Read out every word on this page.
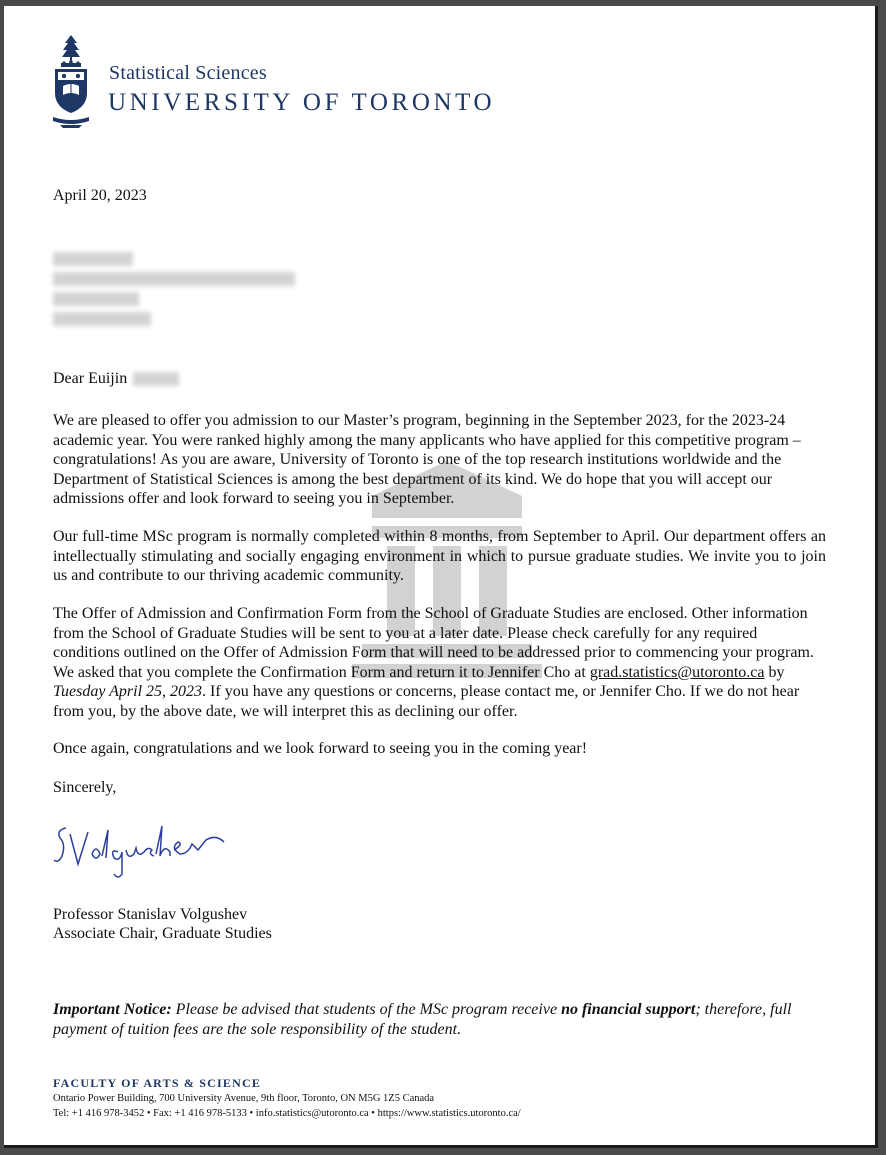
Statistical Sciences
UNIVERSITY OF TORONTO
April 20, 2023
Dear Euijin

We are pleased to offer you admission to our Master’s program, beginning in the September 2023, for the 2023-24 academic year. You were ranked highly among the many applicants who have applied for this competitive program – congratulations! As you are aware, University of Toronto is one of the top research institutions worldwide and the Department of Statistical Sciences is among the best department of its kind. We do hope that you will accept our admissions offer and look forward to seeing you in September.

Our full-time MSc program is normally completed within 8 months, from September to April. Our department offers an intellectually stimulating and socially engaging environment in which to pursue graduate studies. We invite you to join us and contribute to our thriving academic community.

The Offer of Admission and Confirmation Form from the School of Graduate Studies are enclosed. Other information from the School of Graduate Studies will be sent to you at a later date. Please check carefully for any required conditions outlined on the Offer of Admission Form that will need to be addressed prior to commencing your program. We asked that you complete the Confirmation Form and return it to Jennifer Cho at grad.statistics@utoronto.ca by Tuesday April 25, 2023. If you have any questions or concerns, please contact me, or Jennifer Cho. If we do not hear from you, by the above date, we will interpret this as declining our offer.

Once again, congratulations and we look forward to seeing you in the coming year!

Sincerely,

Professor Stanislav Volgushev
Associate Chair, Graduate Studies

Important Notice: Please be advised that students of the MSc program receive no financial support; therefore, full payment of tuition fees are the sole responsibility of the student.

FACULTY OF ARTS & SCIENCE
Ontario Power Building, 700 University Avenue, 9th floor, Toronto, ON M5G 1Z5 Canada
Tel: +1 416 978-3452 • Fax: +1 416 978-5133 • info.statistics@utoronto.ca • https://www.statistics.utoronto.ca/
